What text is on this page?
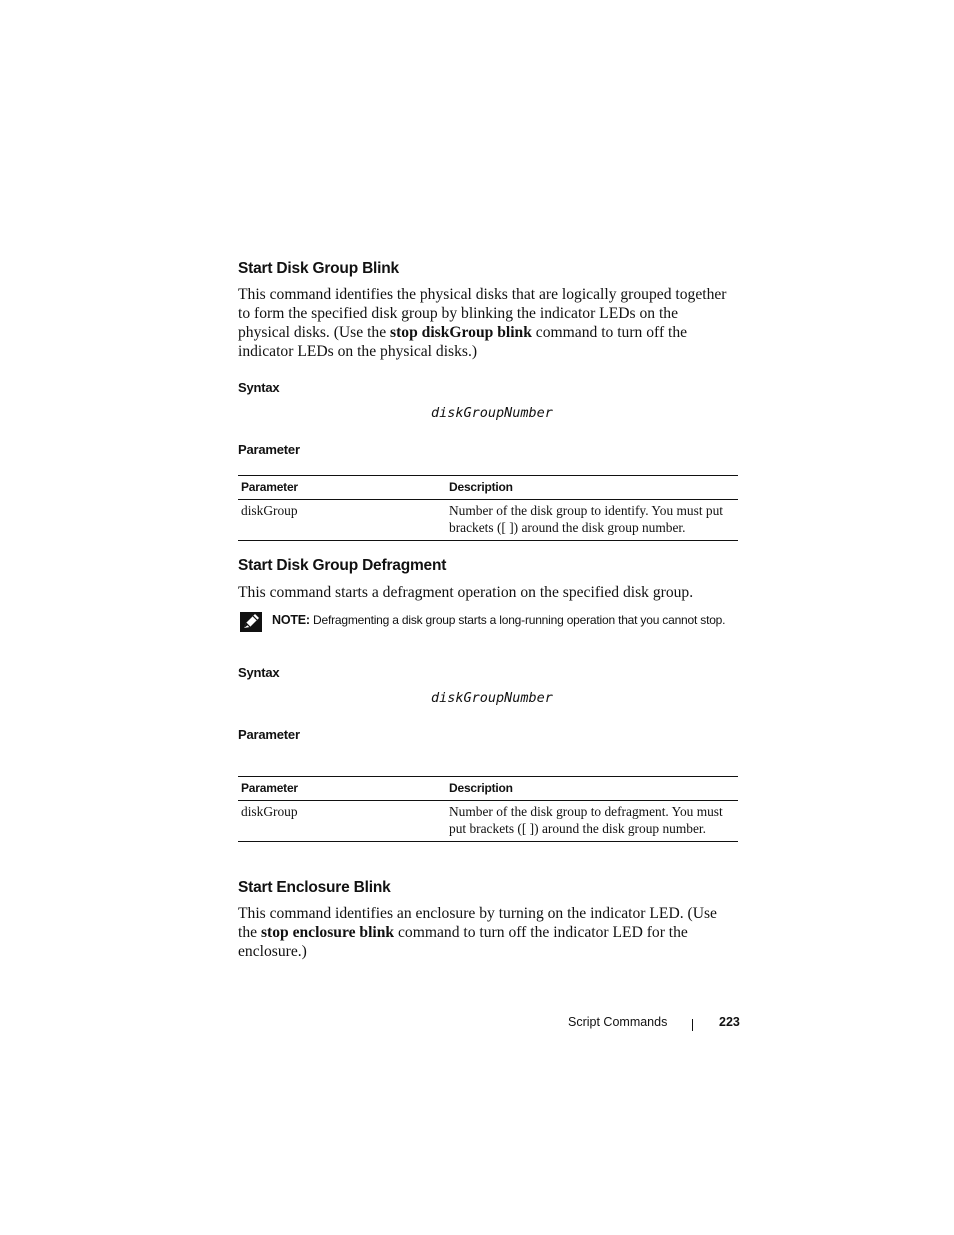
Start Disk Group Blink

This command identifies the physical disks that are logically grouped together to form the specified disk group by blinking the indicator LEDs on the physical disks. (Use the stop diskGroup blink command to turn off the indicator LEDs on the physical disks.)

Syntax
diskGroupNumber
Parameter
Parameter	Description
diskGroup	Number of the disk group to identify. You must put brackets ([ ]) around the disk group number.
Start Disk Group Defragment

This command starts a defragment operation on the specified disk group.

NOTE: Defragmenting a disk group starts a long-running operation that you cannot stop.
Syntax
diskGroupNumber
Parameter
Parameter	Description
diskGroup	Number of the disk group to defragment. You must put brackets ([ ]) around the disk group number.
Start Enclosure Blink

This command identifies an enclosure by turning on the indicator LED. (Use the stop enclosure blink command to turn off the indicator LED for the enclosure.)

Script Commands	223
